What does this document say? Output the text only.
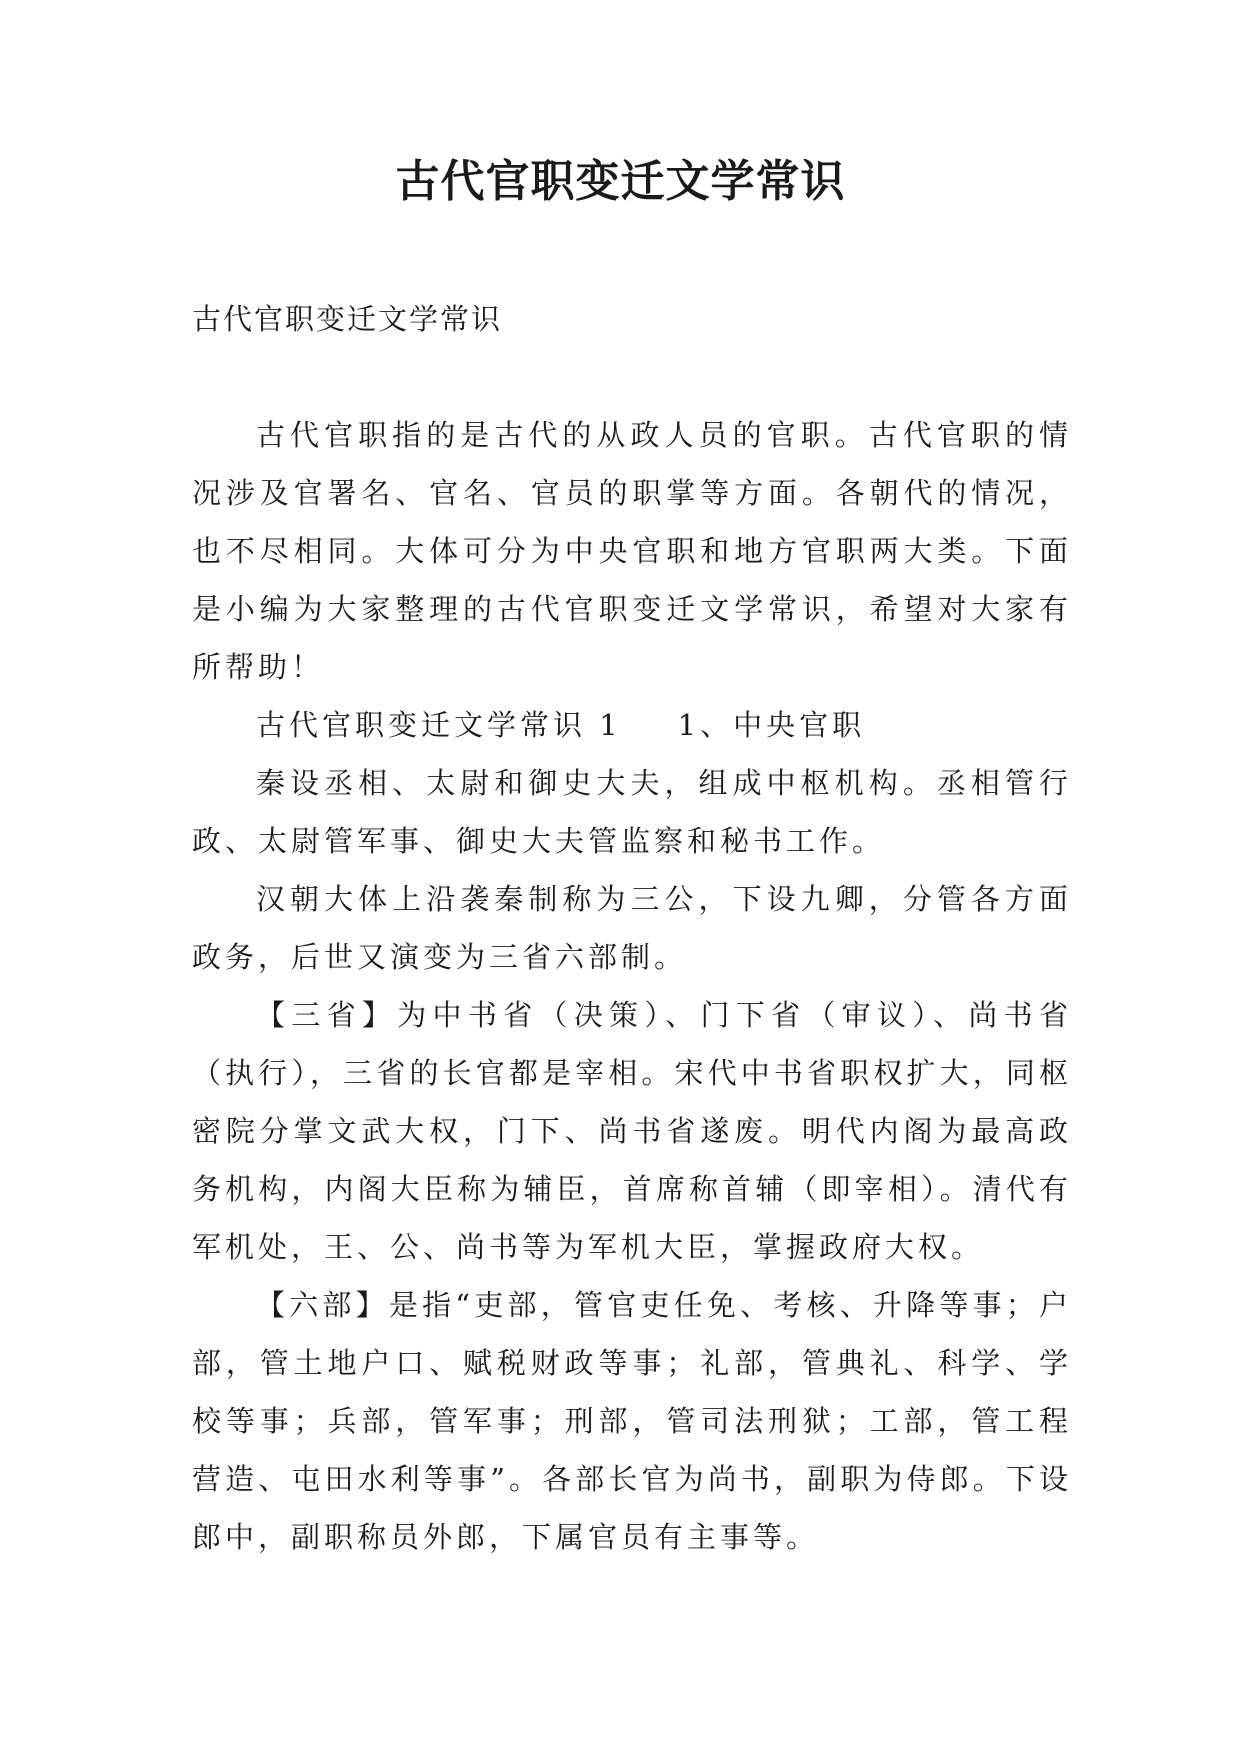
古代官职变迁文学常识

古代官职变迁文学常识

古代官职指的是古代的从政人员的官职。古代官职的情况涉及官署名、官名、官员的职掌等方面。各朝代的情况，也不尽相同。大体可分为中央官职和地方官职两大类。下面是小编为大家整理的古代官职变迁文学常识，希望对大家有所帮助！

古代官职变迁文学常识 1 1、中央官职

秦设丞相、太尉和御史大夫，组成中枢机构。丞相管行政、太尉管军事、御史大夫管监察和秘书工作。

汉朝大体上沿袭秦制称为三公，下设九卿，分管各方面政务，后世又演变为三省六部制。

【三省】为中书省（决策）、门下省（审议）、尚书省（执行），三省的长官都是宰相。宋代中书省职权扩大，同枢密院分掌文武大权，门下、尚书省遂废。明代内阁为最高政务机构，内阁大臣称为辅臣，首席称首辅（即宰相）。清代有军机处，王、公、尚书等为军机大臣，掌握政府大权。

【六部】是指“吏部，管官吏任免、考核、升降等事；户部，管土地户口、赋税财政等事；礼部，管典礼、科学、学校等事；兵部，管军事；刑部，管司法刑狱；工部，管工程营造、屯田水利等事”。各部长官为尚书，副职为侍郎。下设郎中，副职称员外郎，下属官员有主事等。
